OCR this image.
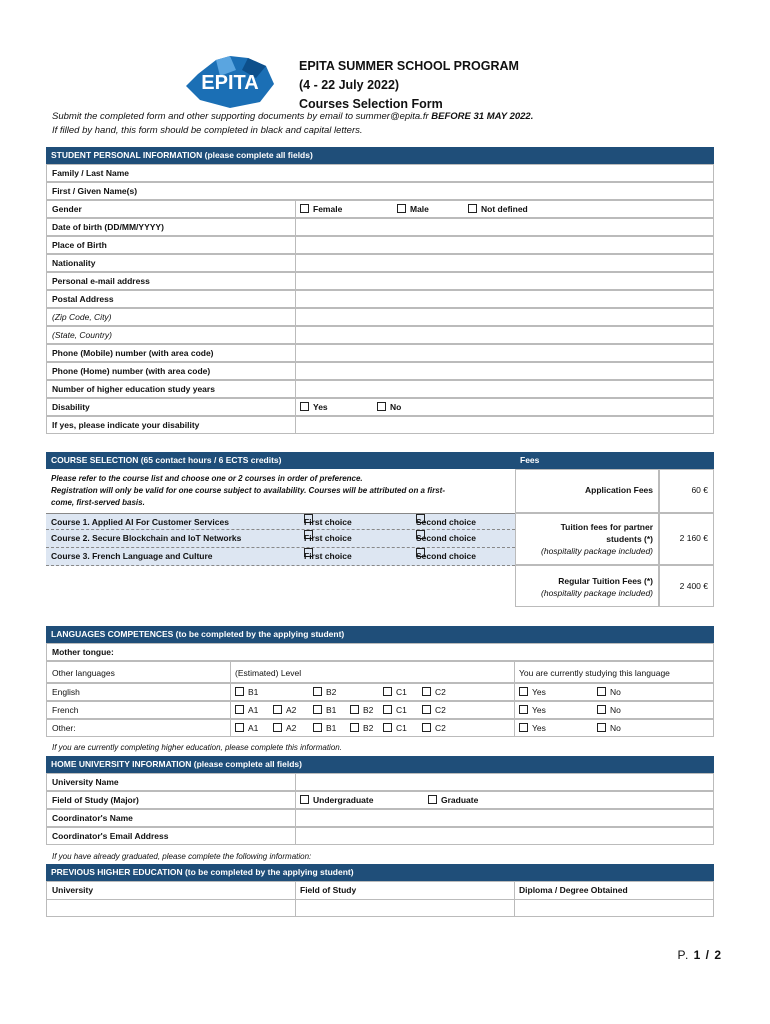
EPITA
EPITA SUMMER SCHOOL PROGRAM
(4 - 22 July 2022)
Courses Selection Form
Submit the completed form and other supporting documents by email to summer@epita.fr BEFORE 31 MAY 2022.
If filled by hand, this form should be completed in black and capital letters.
STUDENT PERSONAL INFORMATION (please complete all fields)
Family / Last Name
First / Given Name(s)
Gender	Female	Male	Not defined
Date of birth (DD/MM/YYYY)
Place of Birth
Nationality
Personal e-mail address
Postal Address
(Zip Code, City)
(State, Country)
Phone (Mobile) number (with area code)
Phone (Home) number (with area code)
Number of higher education study years
Disability	Yes	No
If yes, please indicate your disability
COURSE SELECTION (65 contact hours / 6 ECTS credits)
Please refer to the course list and choose one or 2 courses in order of preference.
Registration will only be valid for one course subject to availability. Courses will be attributed on a first-
come, first-served basis.
Course 1. Applied AI For Customer Services	First choice	Second choice
Course 2. Secure Blockchain and IoT Networks	First choice	Second choice
Course 3. French Language and Culture	First choice	Second choice
Fees
Application Fees	60 €
Tuition fees for partner
students (*)
(hospitality package included)
2 160 €
Regular Tuition Fees (*)
(hospitality package included)
2 400 €
LANGUAGES COMPETENCES (to be completed by the applying student)
Mother tongue:
Other languages	(Estimated) Level	You are currently studying this language
English	B1	B2	C1	C2	Yes	No
French	A1	A2	B1	B2	C1	C2	Yes	No
Other:	A1	A2	B1	B2	C1	C2	Yes	No
If you are currently completing higher education, please complete this information.
HOME UNIVERSITY INFORMATION (please complete all fields)
University Name
Field of Study (Major)	Undergraduate	Graduate
Coordinator's Name
Coordinator's Email Address
If you have already graduated, please complete the following information:
PREVIOUS HIGHER EDUCATION (to be completed by the applying student)
University	Field of Study	Diploma / Degree Obtained
P. 1 / 2
